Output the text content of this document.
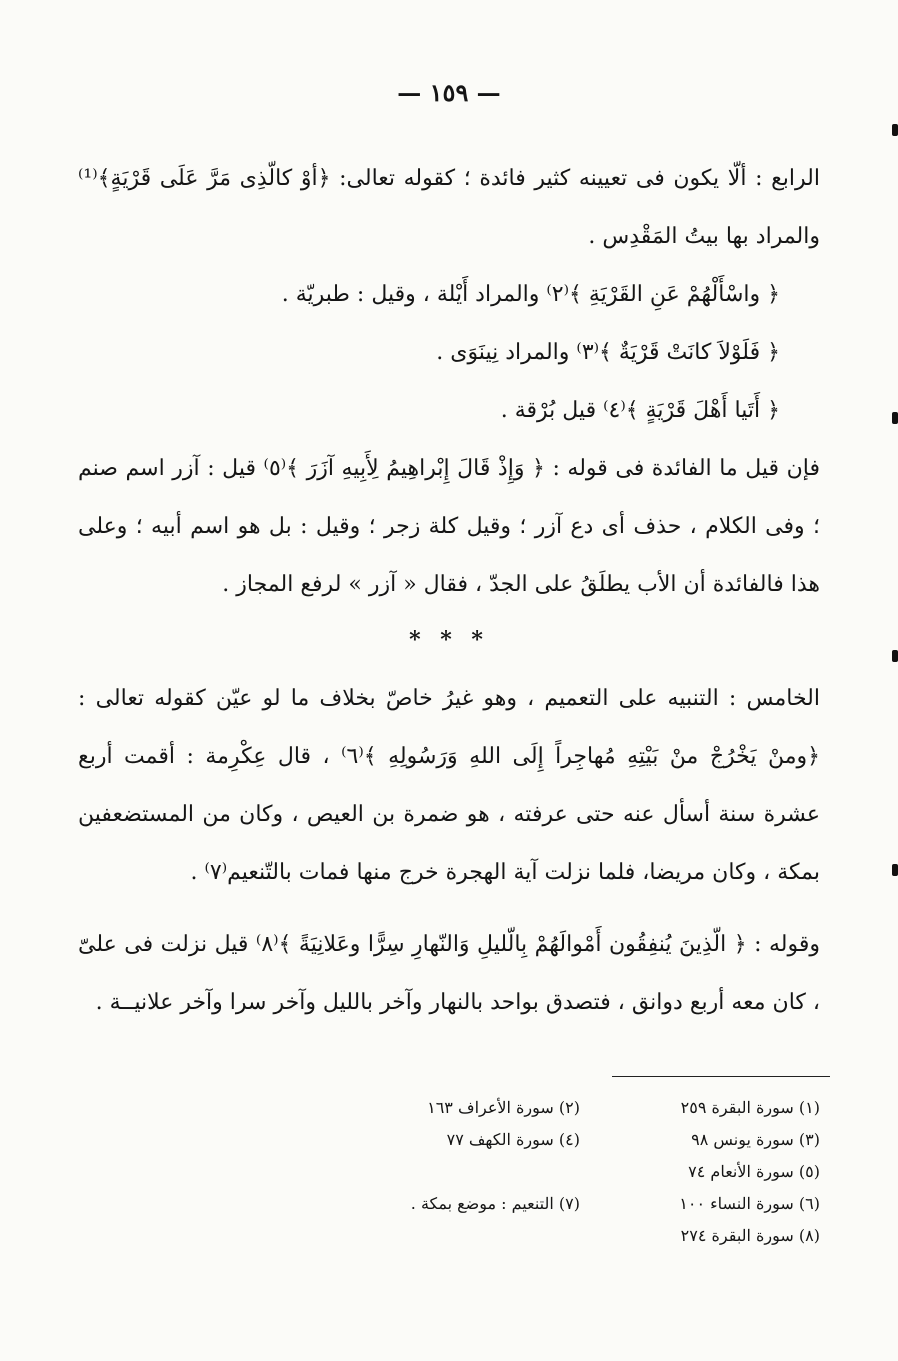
— ١٥٩ —

الرابع : ألّا يكون فى تعيينه كثير فائدة ؛ كقوله تعالى: ﴿أوْ كالّذِى مَرَّ عَلَى قَرْيَةٍ﴾⁽¹⁾ والمراد بها بيتُ المَقْدِس .

﴿ واسْأَلْهُمْ عَنِ القَرْيَةِ ﴾⁽٢⁾ والمراد أَيْلة ، وقيل : طبريّة .

﴿ فَلَوْلاَ كانَتْ قَرْيَةٌ ﴾⁽٣⁾ والمراد نِينَوَى .

﴿ أَتَيا أَهْلَ قَرْيَةٍ ﴾⁽٤⁾ قيل بُرْقة .

فإن قيل ما الفائدة فى قوله : ﴿ وَإِذْ قَالَ إِبْراهِيمُ لِأَبِيهِ آزَرَ ﴾⁽٥⁾ قيل : آزر اسم صنم ؛ وفى الكلام ، حذف أى دع آزر ؛ وقيل كلة زجر ؛ وقيل : بل هو اسم أبيه ؛ وعلى هذا فالفائدة أن الأب يطلَقُ على الجدّ ، فقال « آزر » لرفع المجاز .

* * *

الخامس : التنبيه على التعميم ، وهو غيرُ خاصّ بخلاف ما لو عيّن كقوله تعالى : ﴿ومنْ يَخْرُجْ منْ بَيْتِهِ مُهاجِراً إِلَى اللهِ وَرَسُولِهِ ﴾⁽٦⁾ ، قال عِكْرِمة : أقمت أربع عشرة سنة أسأل عنه حتى عرفته ، هو ضمرة بن العيص ، وكان من المستضعفين بمكة ، وكان مريضا، فلما نزلت آية الهجرة خرج منها فمات بالتّنعيم⁽٧⁾ .

وقوله : ﴿ الّذِينَ يُنفِقُون أَمْوالَهُمْ بِالّليلِ وَالنّهارِ سِرًّا وعَلانِيَةً ﴾⁽٨⁾ قيل نزلت فى علىّ ، كان معه أربع دوانق ، فتصدق بواحد بالنهار وآخر بالليل وآخر سرا وآخر علانيــة .

(١) سورة البقرة ٢٥٩
(٢) سورة الأعراف ١٦٣
(٣) سورة يونس ٩٨
(٤) سورة الكهف ٧٧
(٥) سورة الأنعام ٧٤
(٦) سورة النساء ١٠٠
(٧) التنعيم : موضع بمكة .
(٨) سورة البقرة ٢٧٤
